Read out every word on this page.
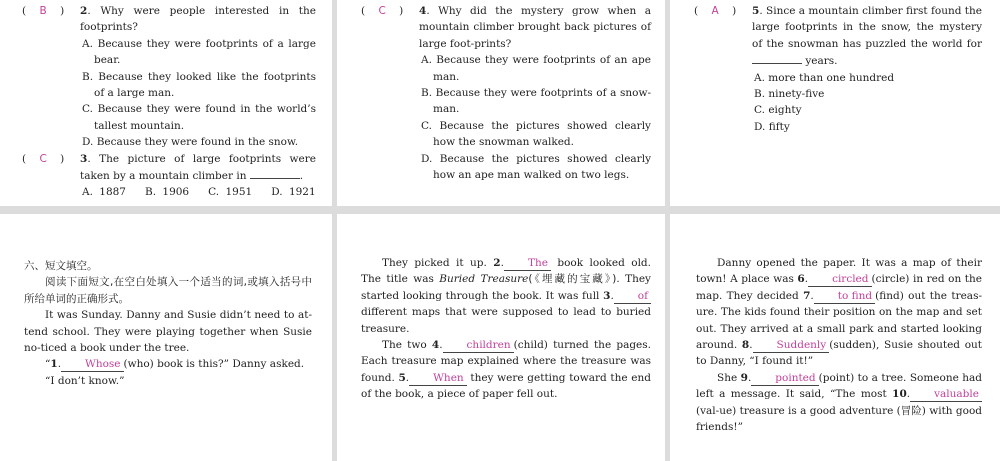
( B )	2. Why were people interested in the footprints?
A. Because they were footprints of a large bear.
B. Because they looked like the footprints of a large man.
C. Because they were found in the world’s tallest mountain.
D. Because they were found in the snow.
( C )	3. The picture of large footprints were taken by a mountain climber in	.
A. 1887 B. 1906 C. 1951 D. 1921
( C )	4. Why did the mystery grow when a mountain climber brought back pictures of large foot-prints?
A. Because they were footprints of an ape man.
B. Because they were footprints of a snow-man.
C. Because the pictures showed clearly how the snowman walked.
D. Because the pictures showed clearly how an ape man walked on two legs.
( A )	5. Since a mountain climber first found the large footprints in the snow, the mystery of the snowman has puzzled the world for  years.
A. more than one hundred
B. ninety-five
C. eighty
D. fifty
六、短文填空。
阅读下面短文,在空白处填入一个适当的词,或填入括号中所给单词的正确形式。
It was Sunday. Danny and Susie didn’t need to at-tend school. They were playing together when Susie no-ticed a book under the tree.
“1. Whose (who) book is this?” Danny asked.
“I don’t know.”
They picked it up. 2. The book looked old. The title was Buried Treasure(《埋藏的宝藏》). They started looking through the book. It was full 3. of different maps that were supposed to lead to buried treasure.
The two 4. children (child) turned the pages. Each treasure map explained where the treasure was found. 5. When they were getting toward the end of the book, a piece of paper fell out.
Danny opened the paper. It was a map of their town! A place was 6. circled (circle) in red on the map. They decided 7. to find (find) out the treas-ure. The kids found their position on the map and set out. They arrived at a small park and started looking around. 8. Suddenly (sudden), Susie shouted out to Danny, “I found it!”
She 9. pointed (point) to a tree. Someone had left a message. It said, “The most 10. valuable(val-ue) treasure is a good adventure (冒险) with good friends!”
